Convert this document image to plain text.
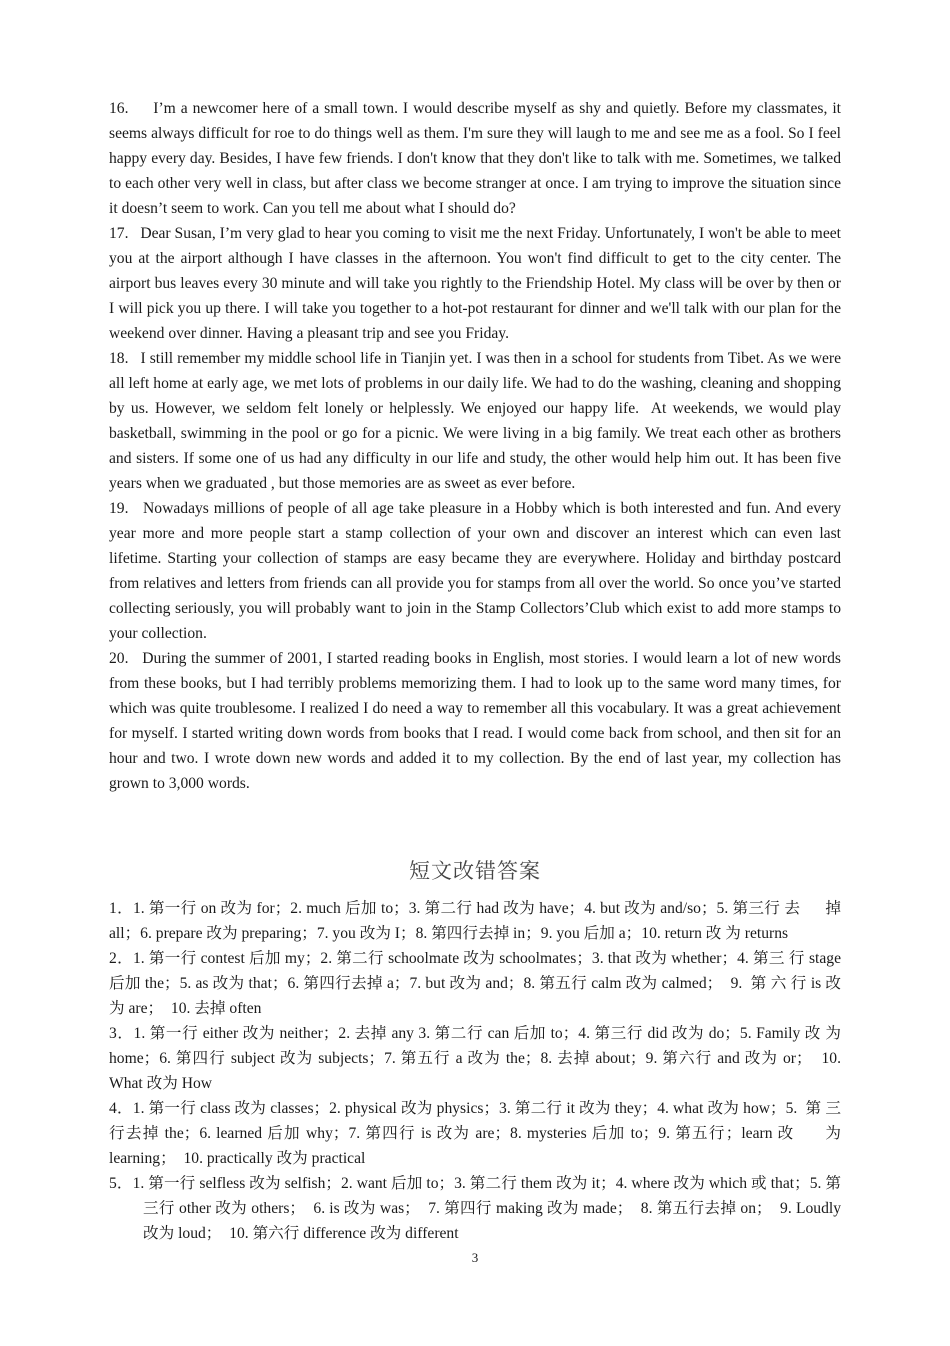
16.     I’m a newcomer here of a small town. I would describe myself as shy and quietly. Before my classmates, it seems always difficult for roe to do things well as them. I'm sure they will laugh to me and see me as a fool. So I feel happy every day. Besides, I have few friends. I don't know that they don't like to talk with me. Sometimes, we talked to each other very well in class, but after class we become stranger at once. I am trying to improve the situation since it doesn’t seem to work. Can you tell me about what I should do?

17.   Dear Susan, I’m very glad to hear you coming to visit me the next Friday. Unfortunately, I won't be able to meet you at the airport although I have classes in the afternoon. You won't find difficult to get to the city center. The airport bus leaves every 30 minute and will take you rightly to the Friendship Hotel. My class will be over by then or I will pick you up there. I will take you together to a hot-pot restaurant for dinner and we'll talk with our plan for the weekend over dinner. Having a pleasant trip and see you Friday.

18.   I still remember my middle school life in Tianjin yet. I was then in a school for students from Tibet. As we were all left home at early age, we met lots of problems in our daily life. We had to do the washing, cleaning and shopping by us. However, we seldom felt lonely or helplessly. We enjoyed our happy life.  At weekends, we would play basketball, swimming in the pool or go for a picnic. We were living in a big family. We treat each other as brothers and sisters. If some one of us had any difficulty in our life and study, the other would help him out. It has been five years when we graduated , but those memories are as sweet as ever before.

19.   Nowadays millions of people of all age take pleasure in a Hobby which is both interested and fun. And every year more and more people start a stamp collection of your own and discover an interest which can even last lifetime. Starting your collection of stamps are easy became they are everywhere. Holiday and birthday postcard from relatives and letters from friends can all provide you for stamps from all over the world. So once you’ve started collecting seriously, you will probably want to join in the Stamp Collectors’Club which exist to add more stamps to your collection.

20.   During the summer of 2001, I started reading books in English, most stories. I would learn a lot of new words from these books, but I had terribly problems memorizing them. I had to look up to the same word many times, for which was quite troublesome. I realized I do need a way to remember all this vocabulary. It was a great achievement for myself. I started writing down words from books that I read. I would come back from school, and then sit for an hour and two. I wrote down new words and added it to my collection. By the end of last year, my collection has grown to 3,000 words.

短文改错答案

1．1. 第一行 on 改为 for；2. much 后加 to；3. 第二行 had 改为 have；4. but 改为 and/so；5. 第三行 去      掉 all；6. prepare 改为 preparing；7. you 改为 I；8. 第四行去掉 in；9. you 后加 a；10. return 改 为 returns

2．1. 第一行 contest 后加 my；2. 第二行 schoolmate 改为 schoolmates；3. that 改为 whether；4. 第三 行 stage 后加 the；5. as 改为 that；6. 第四行去掉 a；7. but 改为 and；8. 第五行 calm 改为 calmed；  9.  第 六 行 is 改为 are；  10. 去掉 often

3．1. 第一行 either 改为 neither；2. 去掉 any 3. 第二行 can 后加 to；4. 第三行 did 改为 do；5. Family 改 为 home；6. 第四行 subject 改为 subjects；7. 第五行 a 改为 the；8. 去掉 about；9. 第六行 and 改为 or；  10. What 改为 How

4．1. 第一行 class 改为 classes；2. physical 改为 physics；3. 第二行 it 改为 they；4. what 改为 how；5.  第 三行去掉 the；6. learned 后加 why；7. 第四行 is 改为 are；8. mysteries 后加 to；9. 第五行；learn 改      为 learning；  10. practically 改为 practical

5．1. 第一行 selfless 改为 selfish；2. want 后加 to；3. 第二行 them 改为 it；4. where 改为 which 或 that；5. 第三行 other 改为 others；  6. is 改为 was；  7. 第四行 making 改为 made；  8. 第五行去掉 on；  9. Loudly 改为 loud；  10. 第六行 difference 改为 different

3
